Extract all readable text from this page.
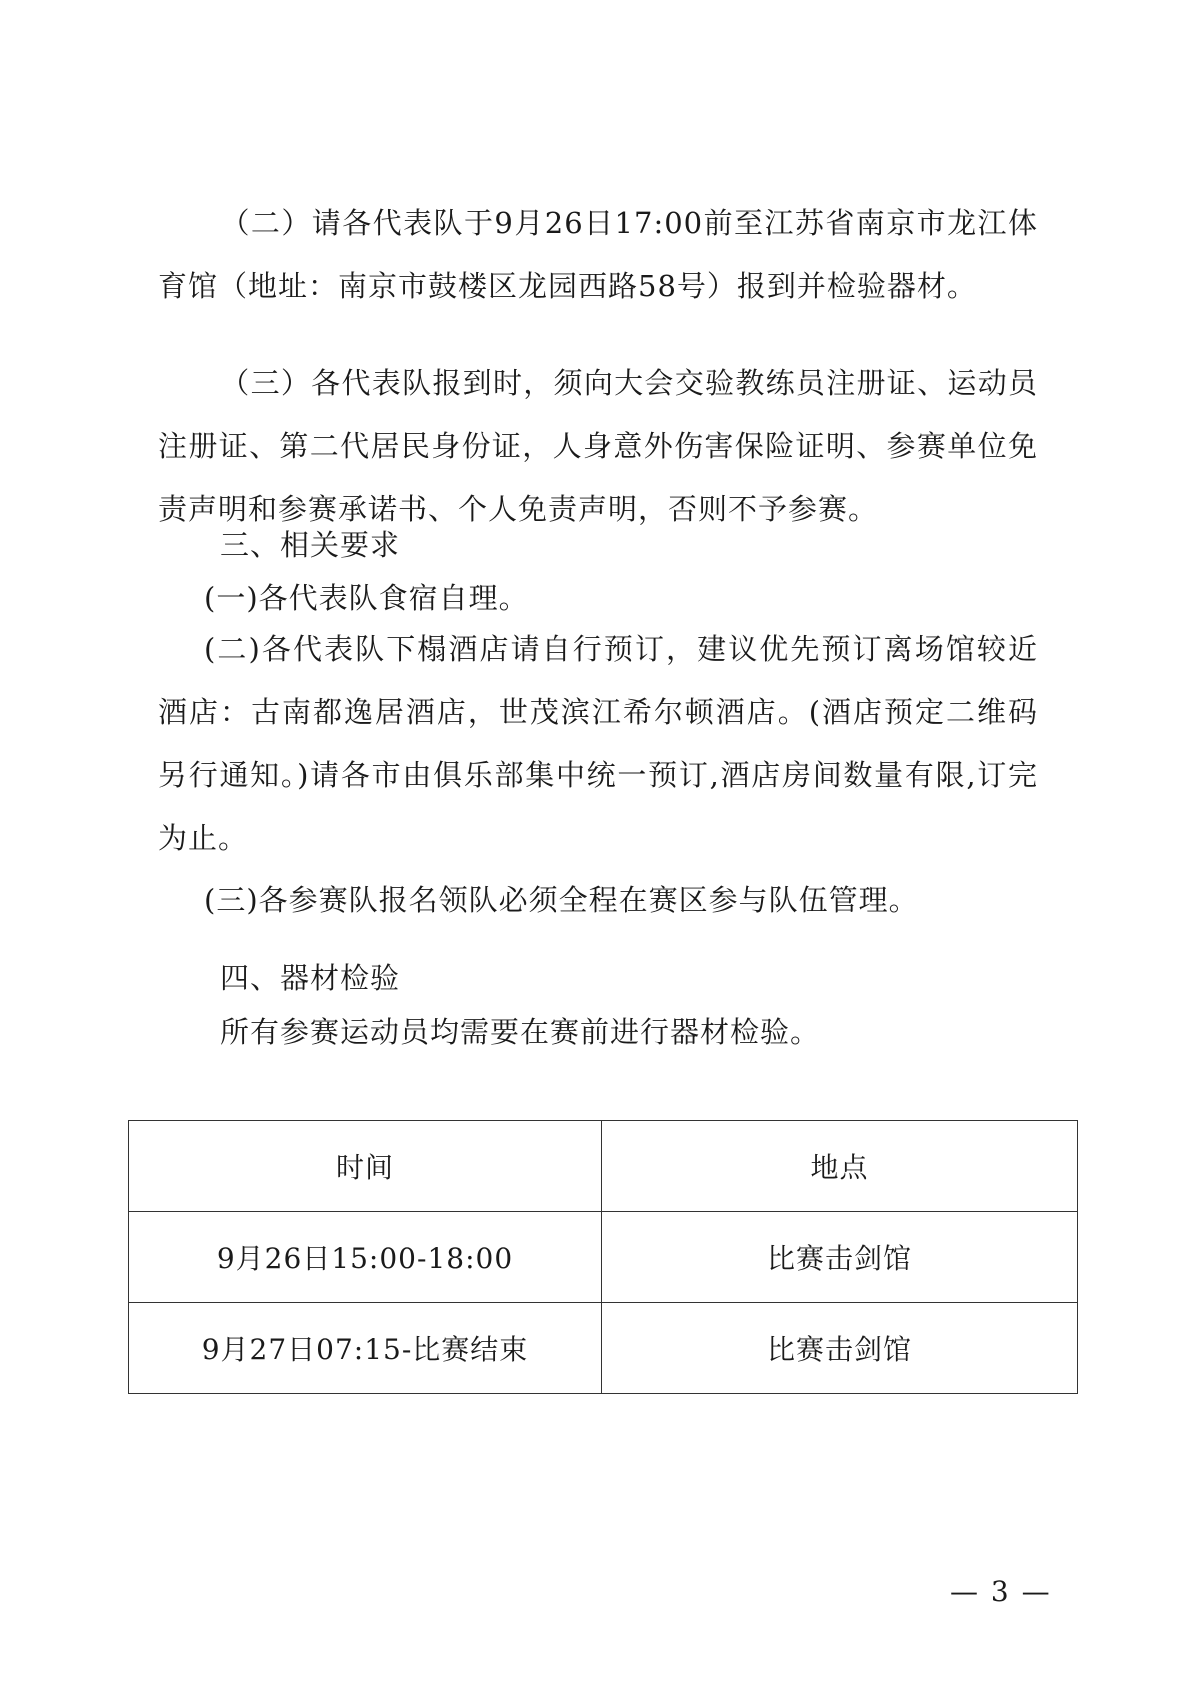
（二）请各代表队于9月26日17:00前至江苏省南京市龙江体育馆（地址：南京市鼓楼区龙园西路58号）报到并检验器材。

（三）各代表队报到时，须向大会交验教练员注册证、运动员注册证、第二代居民身份证，人身意外伤害保险证明、参赛单位免责声明和参赛承诺书、个人免责声明，否则不予参赛。

三、相关要求

(一)各代表队食宿自理。

(二)各代表队下榻酒店请自行预订，建议优先预订离场馆较近酒店：古南都逸居酒店，世茂滨江希尔顿酒店。(酒店预定二维码另行通知。)请各市由俱乐部集中统一预订,酒店房间数量有限,订完为止。

(三)各参赛队报名领队必须全程在赛区参与队伍管理。

四、器材检验

所有参赛运动员均需要在赛前进行器材检验。

时间	地点
9月26日15:00-18:00	比赛击剑馆
9月27日07:15-比赛结束	比赛击剑馆
— 3 —
